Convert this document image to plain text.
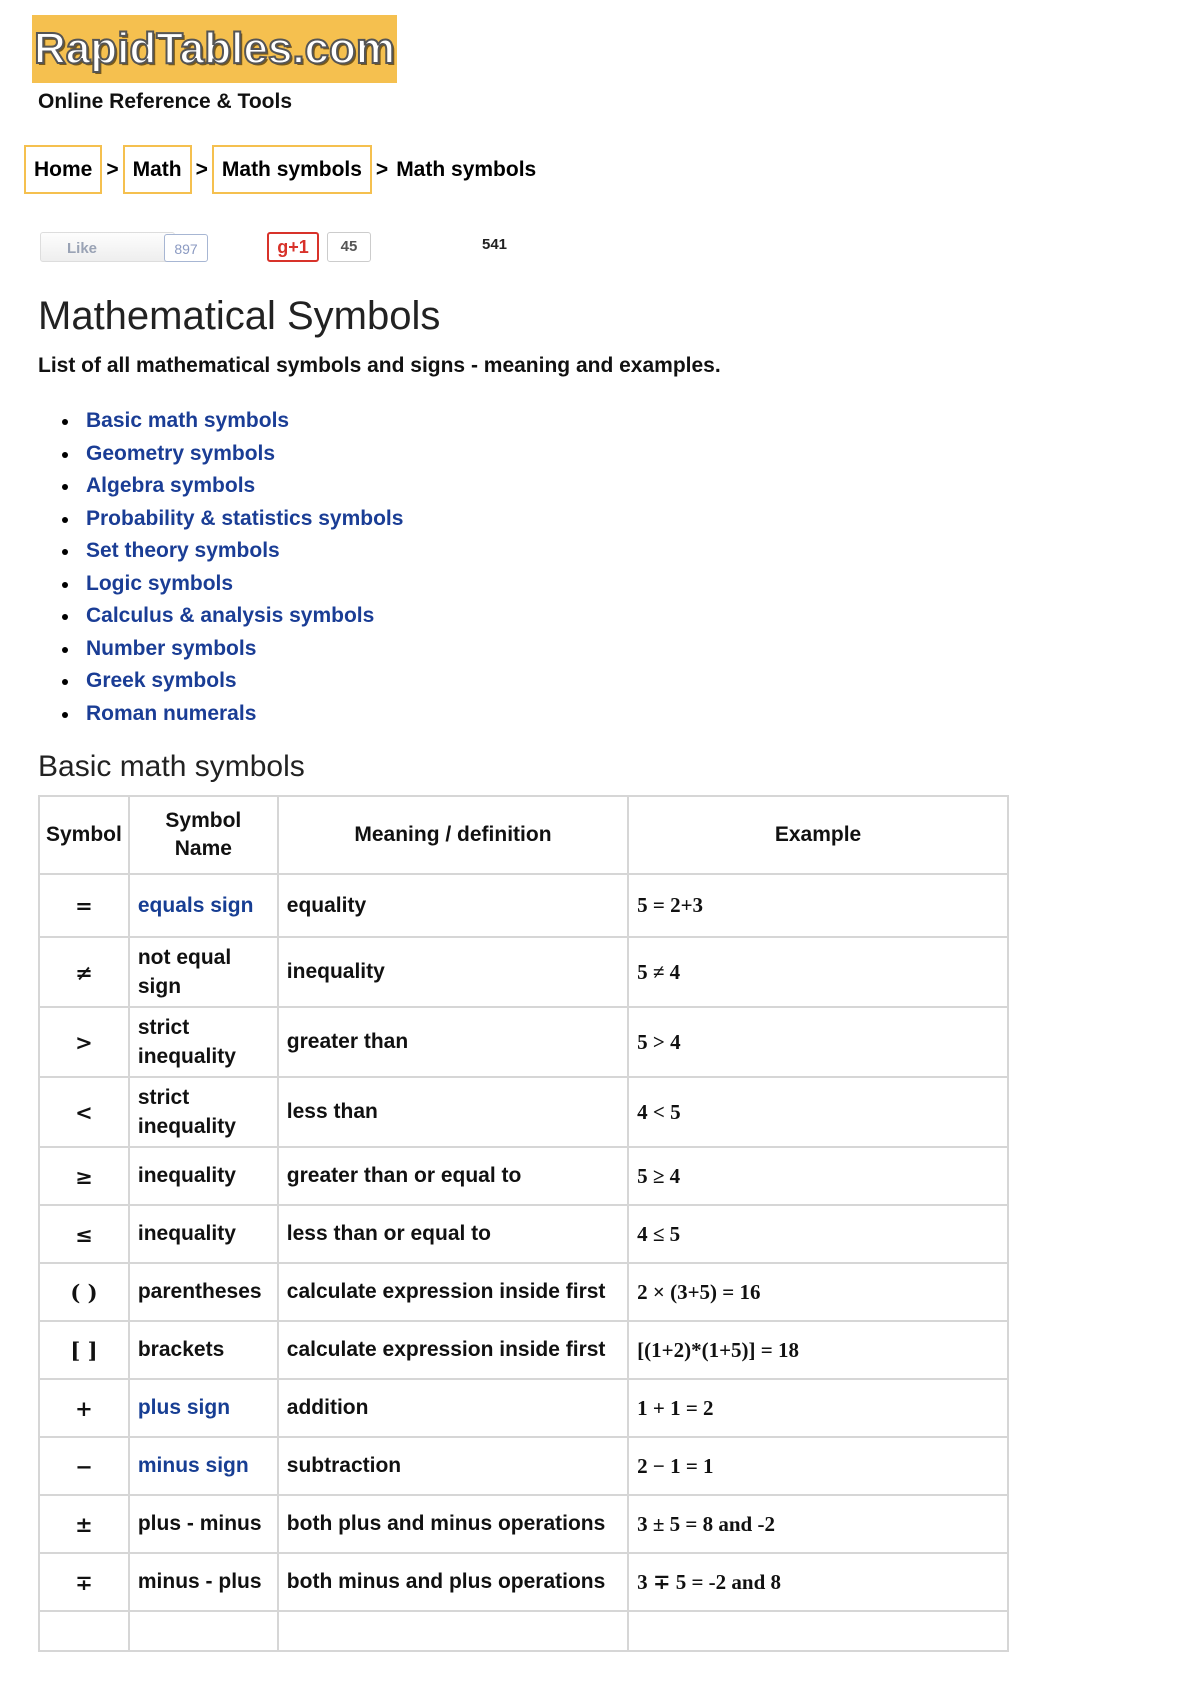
RapidTables.com
Online Reference & Tools
Home > Math > Math symbols > Math symbols
Like	897	g+1	45	541
Mathematical Symbols
List of all mathematical symbols and signs - meaning and examples.
Basic math symbols
Geometry symbols
Algebra symbols
Probability & statistics symbols
Set theory symbols
Logic symbols
Calculus & analysis symbols
Number symbols
Greek symbols
Roman numerals
Basic math symbols
Symbol	Symbol Name	Meaning / definition	Example
=	equals sign	equality	5 = 2+3
≠	not equal sign	inequality	5 ≠ 4
>	strict inequality	greater than	5 > 4
<	strict inequality	less than	4 < 5
≥	inequality	greater than or equal to	5 ≥ 4
≤	inequality	less than or equal to	4 ≤ 5
( )	parentheses	calculate expression inside first	2 × (3+5) = 16
[ ]	brackets	calculate expression inside first	[(1+2)*(1+5)] = 18
+	plus sign	addition	1 + 1 = 2
−	minus sign	subtraction	2 − 1 = 1
±	plus - minus	both plus and minus operations	3 ± 5 = 8 and -2
∓	minus - plus	both minus and plus operations	3 ∓ 5 = -2 and 8
